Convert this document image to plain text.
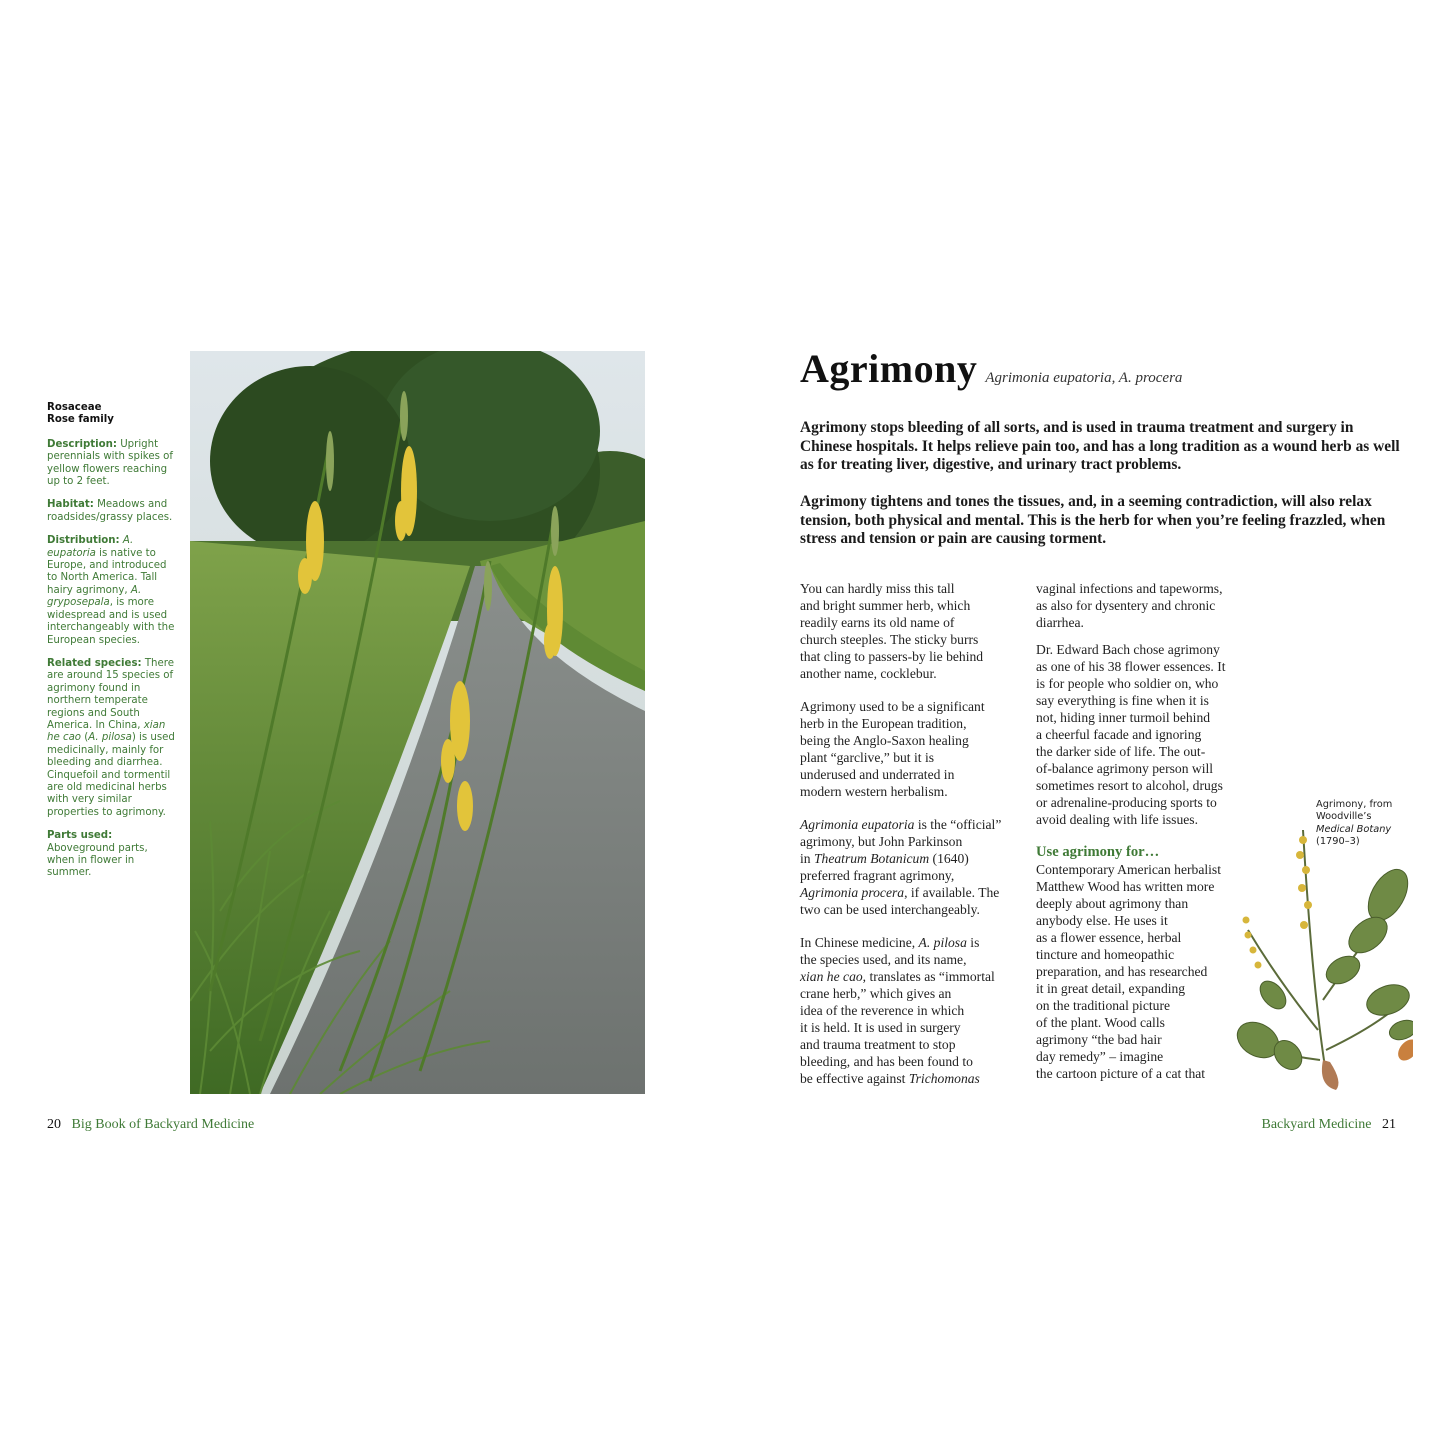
Rosaceae
Rose family

Description: Upright perennials with spikes of yellow flowers reaching up to 2 feet.

Habitat: Meadows and roadsides/grassy places.

Distribution: A. eupatoria is native to Europe, and introduced to North America. Tall hairy agrimony, A. gryposepala, is more widespread and is used interchangeably with the European species.

Related species: There are around 15 species of agrimony found in northern temperate regions and South America. In China, xian he cao (A. pilosa) is used medicinally, mainly for bleeding and diarrhea. Cinquefoil and tormentil are old medicinal herbs with very similar properties to agrimony.

Parts used: Aboveground parts, when in flower in summer.

Agrimony Agrimonia eupatoria, A. procera

Agrimony stops bleeding of all sorts, and is used in trauma treatment and surgery in Chinese hospitals. It helps relieve pain too, and has a long tradition as a wound herb as well as for treating liver, digestive, and urinary tract problems.

Agrimony tightens and tones the tissues, and, in a seeming contradiction, will also relax tension, both physical and mental. This is the herb for when you’re feeling frazzled, when stress and tension or pain are causing torment.

You can hardly miss this tall
and bright summer herb, which
readily earns its old name of
church steeples. The sticky burrs
that cling to passers-by lie behind
another name, cocklebur.

Agrimony used to be a significant
herb in the European tradition,
being the Anglo-Saxon healing
plant “garclive,” but it is
underused and underrated in
modern western herbalism.

Agrimonia eupatoria is the “official”
agrimony, but John Parkinson
in Theatrum Botanicum (1640)
preferred fragrant agrimony,
Agrimonia procera, if available. The
two can be used interchangeably.

In Chinese medicine, A. pilosa is
the species used, and its name,
xian he cao, translates as “immortal
crane herb,” which gives an
idea of the reverence in which
it is held. It is used in surgery
and trauma treatment to stop
bleeding, and has been found to
be effective against Trichomonas

vaginal infections and tapeworms,
as also for dysentery and chronic
diarrhea.

Dr. Edward Bach chose agrimony
as one of his 38 flower essences. It
is for people who soldier on, who
say everything is fine when it is
not, hiding inner turmoil behind
a cheerful facade and ignoring
the darker side of life. The out-
of-balance agrimony person will
sometimes resort to alcohol, drugs
or adrenaline-producing sports to
avoid dealing with life issues.

Use agrimony for…

Contemporary American herbalist
Matthew Wood has written more
deeply about agrimony than
anybody else. He uses it
as a flower essence, herbal
tincture and homeopathic
preparation, and has researched
it in great detail, expanding
on the traditional picture
of the plant. Wood calls
agrimony “the bad hair
day remedy” – imagine
the cartoon picture of a cat that

Agrimony, from Woodville’s Medical Botany (1790–3)
20 Big Book of Backyard Medicine	Backyard Medicine 21
